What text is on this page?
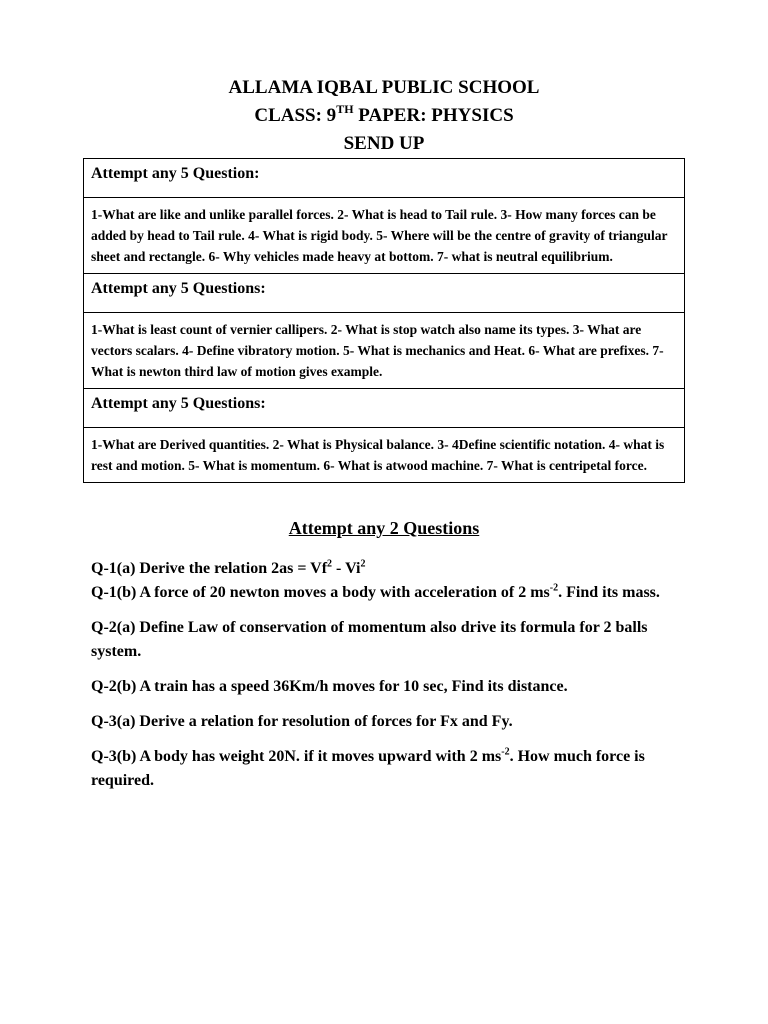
ALLAMA IQBAL PUBLIC SCHOOL
CLASS: 9TH PAPER: PHYSICS
SEND UP
Attempt any 5 Question:
1-What are like and unlike parallel forces. 2- What is head to Tail rule. 3- How many forces can be added by head to Tail rule. 4- What is rigid body. 5- Where will be the centre of gravity of triangular sheet and rectangle. 6- Why vehicles made heavy at bottom. 7- what is neutral equilibrium.
Attempt any 5 Questions:
1-What is least count of vernier callipers. 2- What is stop watch also name its types. 3- What are vectors scalars. 4- Define vibratory motion. 5- What is mechanics and Heat. 6- What are prefixes. 7- What is newton third law of motion gives example.
Attempt any 5 Questions:
1-What are Derived quantities. 2- What is Physical balance. 3- 4Define scientific notation. 4- what is rest and motion. 5- What is momentum. 6- What is atwood machine. 7- What is centripetal force.
Attempt any 2 Questions

Q-1(a) Derive the relation $2as = Vf^2 - Vi^2$

Q-1(b) A force of 20 newton moves a body with acceleration of 2 $ms^{-2}$. Find its mass.

Q-2(a) Define Law of conservation of momentum also drive its formula for 2 balls system.

Q-2(b) A train has a speed 36Km/h moves for 10 sec, Find its distance.

Q-3(a) Derive a relation for resolution of forces for Fx and Fy.

Q-3(b) A body has weight 20N. if it moves upward with 2 $ms^{-2}$. How much force is required.
